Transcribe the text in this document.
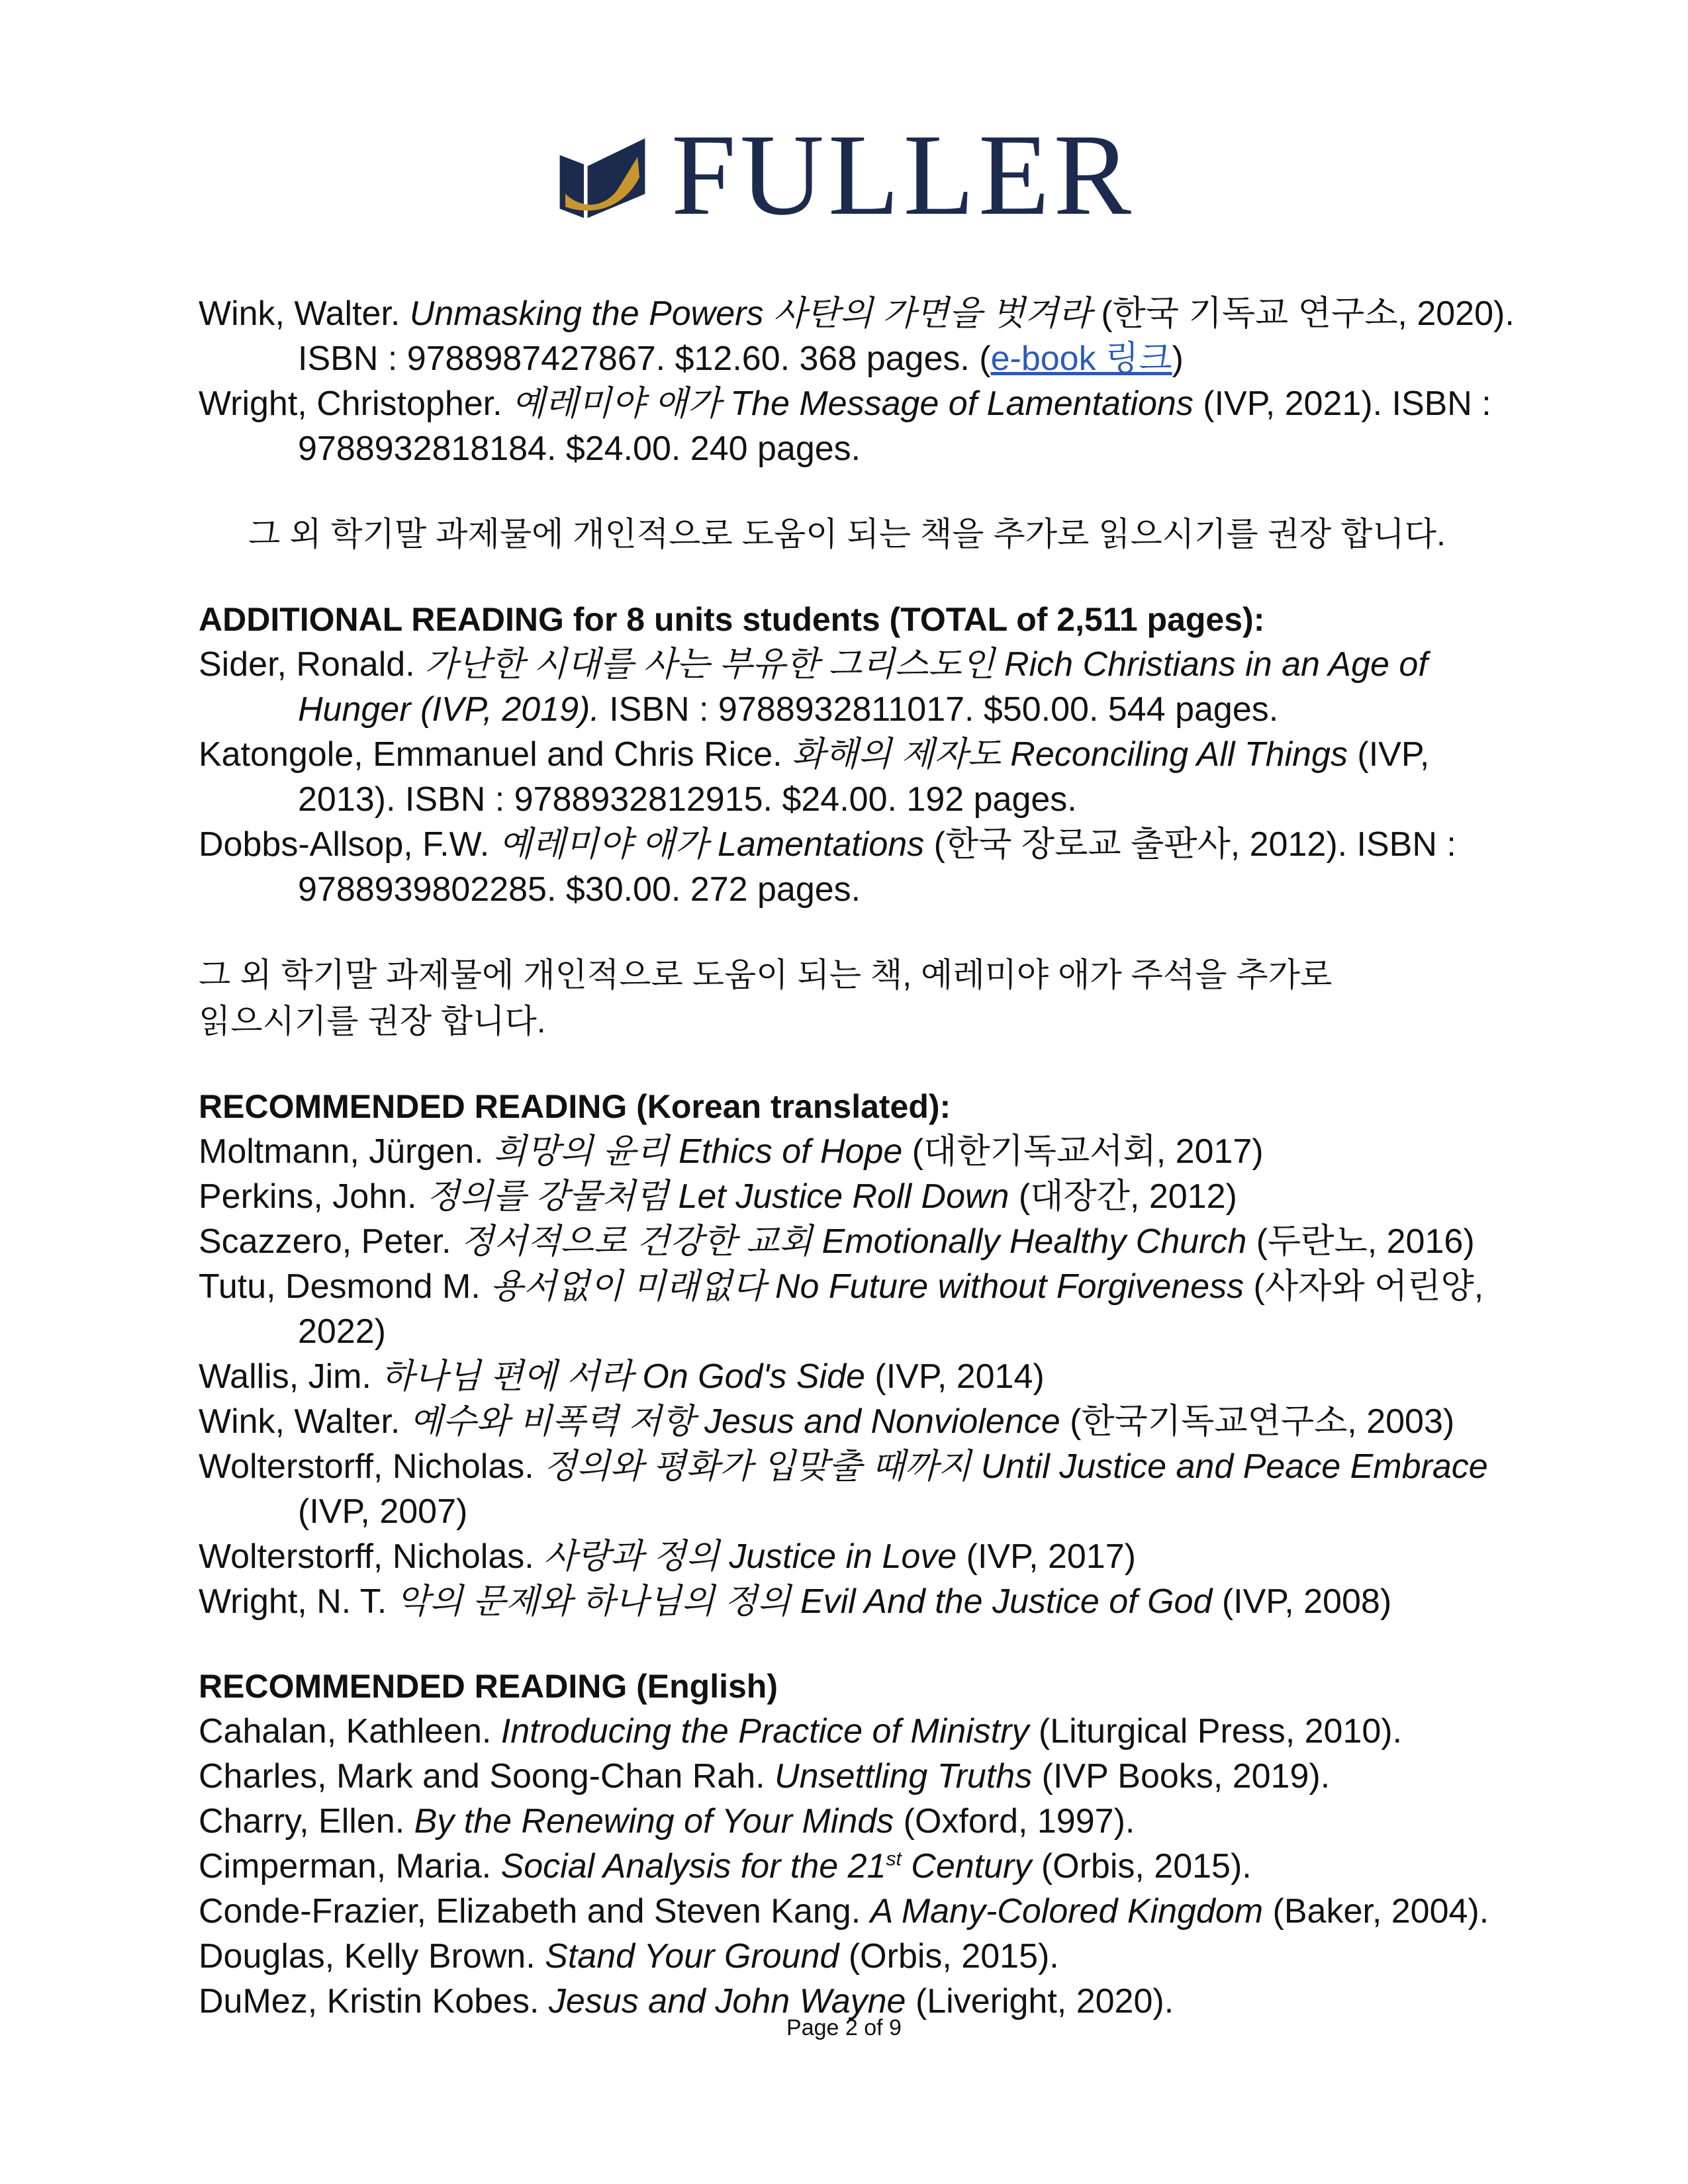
FULLER

Wink, Walter. Unmasking the Powers 사탄의 가면을 벗겨라 (한국 기독교 연구소, 2020). ISBN : 9788987427867. $12.60. 368 pages. (e-book 링크)

Wright, Christopher. 예레미야 애가 The Message of Lamentations (IVP, 2021). ISBN : 9788932818184. $24.00. 240 pages.

그 외 학기말 과제물에 개인적으로 도움이 되는 책을 추가로 읽으시기를 권장 합니다.

ADDITIONAL READING for 8 units students (TOTAL of 2,511 pages):

Sider, Ronald. 가난한 시대를 사는 부유한 그리스도인 Rich Christians in an Age of Hunger (IVP, 2019). ISBN : 9788932811017. $50.00. 544 pages.

Katongole, Emmanuel and Chris Rice. 화해의 제자도 Reconciling All Things (IVP, 2013). ISBN : 9788932812915. $24.00. 192 pages.

Dobbs-Allsop, F.W. 예레미야 애가 Lamentations (한국 장로교 출판사, 2012). ISBN : 9788939802285. $30.00. 272 pages.

그 외 학기말 과제물에 개인적으로 도움이 되는 책, 예레미야 애가 주석을 추가로

읽으시기를 권장 합니다.

RECOMMENDED READING (Korean translated):

Moltmann, Jürgen. 희망의 윤리 Ethics of Hope (대한기독교서회, 2017)

Perkins, John. 정의를 강물처럼 Let Justice Roll Down (대장간, 2012)

Scazzero, Peter. 정서적으로 건강한 교회 Emotionally Healthy Church (두란노, 2016)

Tutu, Desmond M. 용서없이 미래없다 No Future without Forgiveness (사자와 어린양, 2022)

Wallis, Jim. 하나님 편에 서라 On God's Side (IVP, 2014)

Wink, Walter. 예수와 비폭력 저항 Jesus and Nonviolence (한국기독교연구소, 2003)

Wolterstorff, Nicholas. 정의와 평화가 입맞출 때까지 Until Justice and Peace Embrace (IVP, 2007)

Wolterstorff, Nicholas. 사랑과 정의 Justice in Love (IVP, 2017)

Wright, N. T. 악의 문제와 하나님의 정의 Evil And the Justice of God (IVP, 2008)

RECOMMENDED READING (English)

Cahalan, Kathleen. Introducing the Practice of Ministry (Liturgical Press, 2010).

Charles, Mark and Soong-Chan Rah. Unsettling Truths (IVP Books, 2019).

Charry, Ellen. By the Renewing of Your Minds (Oxford, 1997).

Cimperman, Maria. Social Analysis for the 21st Century (Orbis, 2015).

Conde-Frazier, Elizabeth and Steven Kang. A Many-Colored Kingdom (Baker, 2004).

Douglas, Kelly Brown. Stand Your Ground (Orbis, 2015).

DuMez, Kristin Kobes. Jesus and John Wayne (Liveright, 2020).

Page 2 of 9
